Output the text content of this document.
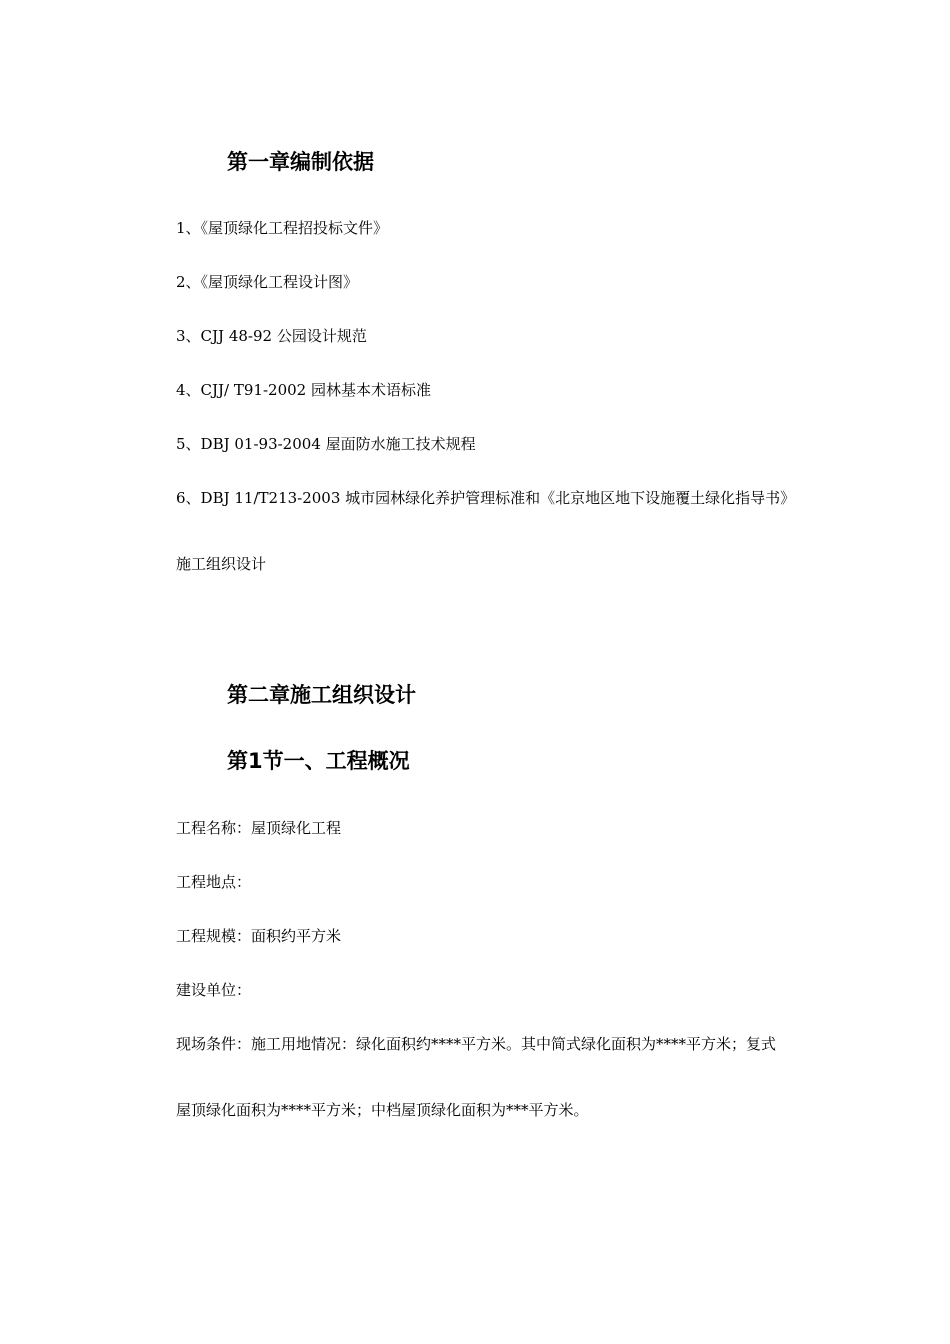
第一章编制依据
1、《屋顶绿化工程招投标文件》
2、《屋顶绿化工程设计图》
3、CJJ 48-92 公园设计规范
4、CJJ/ T91-2002 园林基本术语标准
5、DBJ 01-93-2004 屋面防水施工技术规程
6、DBJ 11/T213-2003 城市园林绿化养护管理标准和《北京地区地下设施覆土绿化指导书》
施工组织设计
第二章施工组织设计
第1节一、工程概况
工程名称：屋顶绿化工程
工程地点：
工程规模：面积约平方米
建设单位：
现场条件：施工用地情况：绿化面积约****平方米。其中简式绿化面积为****平方米；复式
屋顶绿化面积为****平方米；中档屋顶绿化面积为***平方米。
